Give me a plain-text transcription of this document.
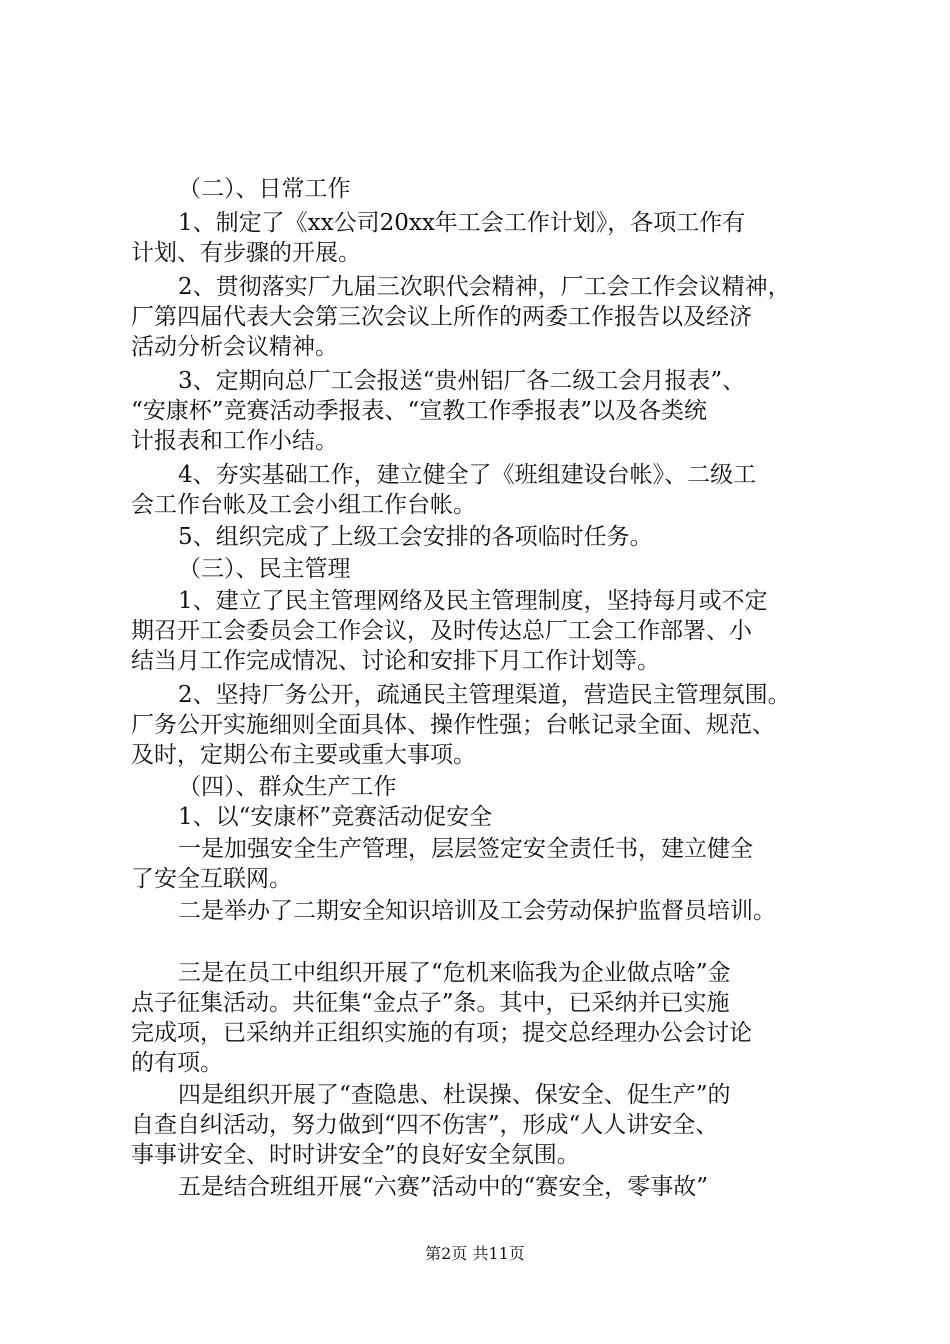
（二）、日常工作
1、制定了《xx公司20xx年工会工作计划》，各项工作有
计划、有步骤的开展。
2、贯彻落实厂九届三次职代会精神，厂工会工作会议精神，
厂第四届代表大会第三次会议上所作的两委工作报告以及经济
活动分析会议精神。
3、定期向总厂工会报送“贵州铝厂各二级工会月报表”、
“安康杯”竞赛活动季报表、“宣教工作季报表”以及各类统
计报表和工作小结。
4、夯实基础工作，建立健全了《班组建设台帐》、二级工
会工作台帐及工会小组工作台帐。
5、组织完成了上级工会安排的各项临时任务。
（三）、民主管理
1、建立了民主管理网络及民主管理制度，坚持每月或不定
期召开工会委员会工作会议，及时传达总厂工会工作部署、小
结当月工作完成情况、讨论和安排下月工作计划等。
2、坚持厂务公开，疏通民主管理渠道，营造民主管理氛围。
厂务公开实施细则全面具体、操作性强；台帐记录全面、规范、
及时，定期公布主要或重大事项。
（四）、群众生产工作
1、以“安康杯”竞赛活动促安全
一是加强安全生产管理，层层签定安全责任书，建立健全
了安全互联网。
二是举办了二期安全知识培训及工会劳动保护监督员培训。
三是在员工中组织开展了“危机来临我为企业做点啥”金
点子征集活动。共征集“金点子”条。其中，已采纳并已实施
完成项，已采纳并正组织实施的有项；提交总经理办公会讨论
的有项。
四是组织开展了“查隐患、杜误操、保安全、促生产”的
自查自纠活动，努力做到“四不伤害”，形成“人人讲安全、
事事讲安全、时时讲安全”的良好安全氛围。
五是结合班组开展“六赛”活动中的“赛安全，零事故”
第2页 共11页
